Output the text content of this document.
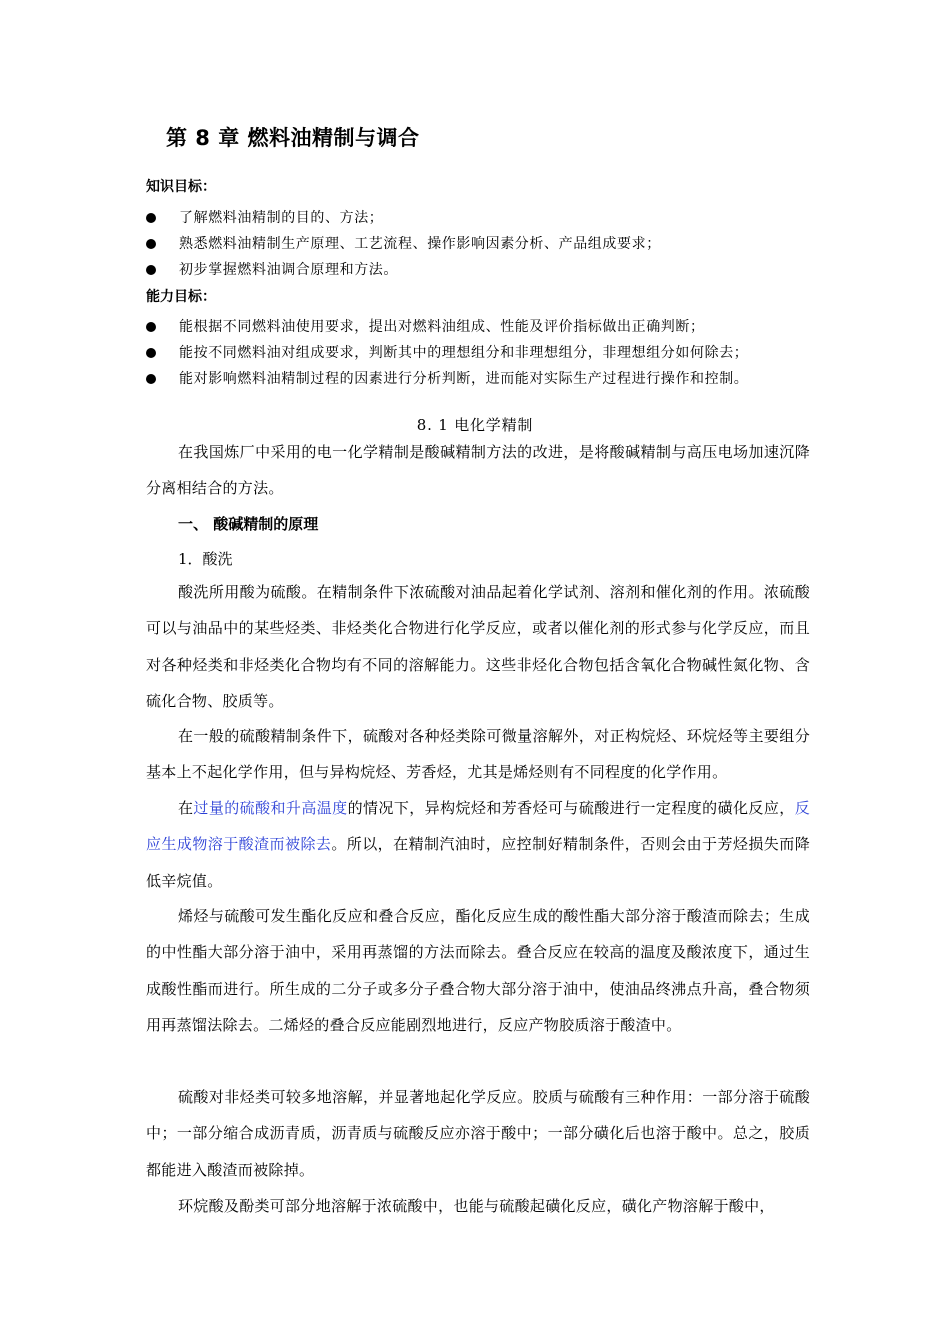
第 8 章 燃料油精制与调合
知识目标：
了解燃料油精制的目的、方法；
熟悉燃料油精制生产原理、工艺流程、操作影响因素分析、产品组成要求；
初步掌握燃料油调合原理和方法。
能力目标：
能根据不同燃料油使用要求，提出对燃料油组成、性能及评价指标做出正确判断；
能按不同燃料油对组成要求，判断其中的理想组分和非理想组分，非理想组分如何除去；
能对影响燃料油精制过程的因素进行分析判断，进而能对实际生产过程进行操作和控制。
8. 1 电化学精制

在我国炼厂中采用的电一化学精制是酸碱精制方法的改进，是将酸碱精制与高压电场加速沉降分离相结合的方法。

一、 酸碱精制的原理
1．酸洗

酸洗所用酸为硫酸。在精制条件下浓硫酸对油品起着化学试剂、溶剂和催化剂的作用。浓硫酸可以与油品中的某些烃类、非烃类化合物进行化学反应，或者以催化剂的形式参与化学反应，而且对各种烃类和非烃类化合物均有不同的溶解能力。这些非烃化合物包括含氧化合物碱性氮化物、含硫化合物、胶质等。

在一般的硫酸精制条件下，硫酸对各种烃类除可微量溶解外，对正构烷烃、环烷烃等主要组分基本上不起化学作用，但与异构烷烃、芳香烃，尤其是烯烃则有不同程度的化学作用。

在过量的硫酸和升高温度的情况下，异构烷烃和芳香烃可与硫酸进行一定程度的磺化反应，反应生成物溶于酸渣而被除去。所以，在精制汽油时，应控制好精制条件，否则会由于芳烃损失而降低辛烷值。

烯烃与硫酸可发生酯化反应和叠合反应，酯化反应生成的酸性酯大部分溶于酸渣而除去；生成的中性酯大部分溶于油中，采用再蒸馏的方法而除去。叠合反应在较高的温度及酸浓度下，通过生成酸性酯而进行。所生成的二分子或多分子叠合物大部分溶于油中，使油品终沸点升高，叠合物须用再蒸馏法除去。二烯烃的叠合反应能剧烈地进行，反应产物胶质溶于酸渣中。

硫酸对非烃类可较多地溶解，并显著地起化学反应。胶质与硫酸有三种作用：一部分溶于硫酸中；一部分缩合成沥青质，沥青质与硫酸反应亦溶于酸中；一部分磺化后也溶于酸中。总之，胶质都能进入酸渣而被除掉。

环烷酸及酚类可部分地溶解于浓硫酸中，也能与硫酸起磺化反应，磺化产物溶解于酸中，
